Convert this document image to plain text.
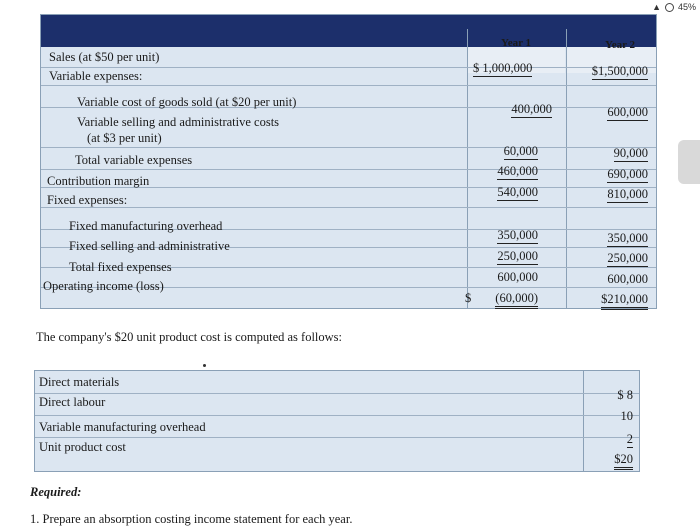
▲ 45%
Year 1	Year 2
Sales (at $50 per unit)
Variable expenses:
Variable cost of goods sold (at $20 per unit)
Variable selling and administrative costs
(at $3 per unit)
Total variable expenses
Contribution margin
Fixed expenses:
Fixed manufacturing overhead
Fixed selling and administrative
Total fixed expenses
Operating income (loss)
$ 1,000,000
400,000
60,000
460,000
540,000
350,000
250,000
600,000
$ (60,000)
$1,500,000
600,000
90,000
690,000
810,000
350,000
250,000
600,000
$210,000
The company's $20 unit product cost is computed as follows:
Direct materials
Direct labour
Variable manufacturing overhead
Unit product cost
$ 8
10
2
$20
Required:
1. Prepare an absorption costing income statement for each year.
